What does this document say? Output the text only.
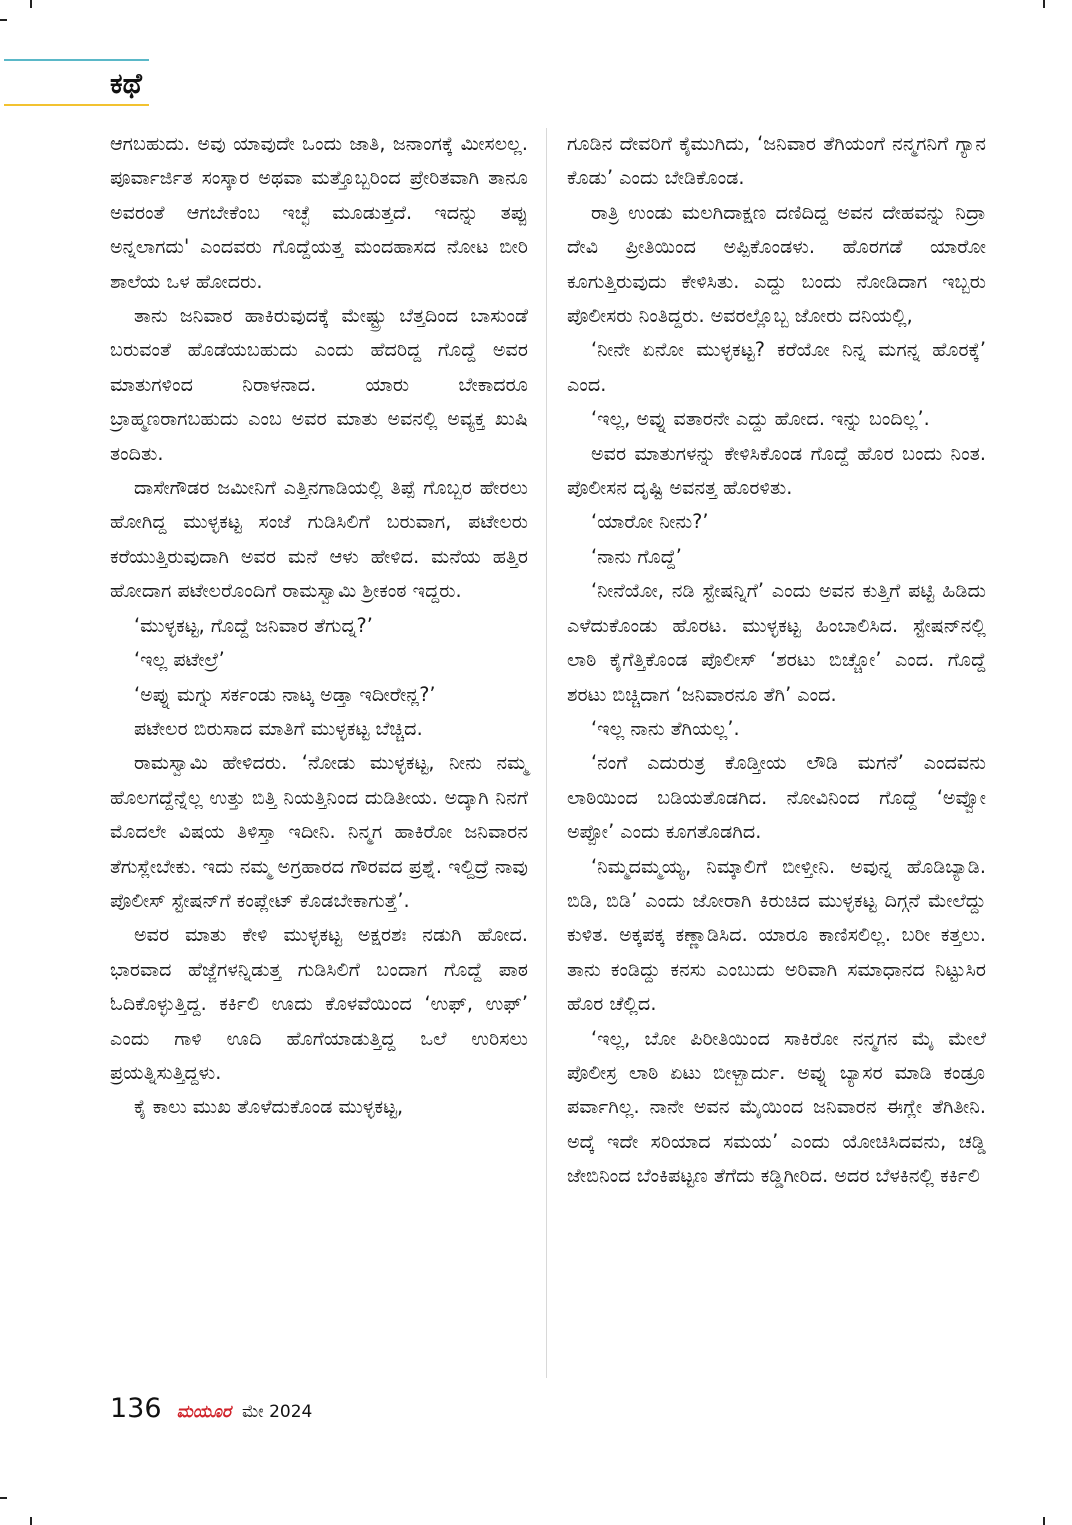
ಕಥೆ

ಆಗಬಹುದು. ಅವು ಯಾವುದೇ ಒಂದು ಜಾತಿ, ಜನಾಂಗಕ್ಕೆ ಮೀಸಲಲ್ಲ. ಪೂರ್ವಾರ್ಜಿತ ಸಂಸ್ಕಾರ ಅಥವಾ ಮತ್ತೊಬ್ಬರಿಂದ ಪ್ರೇರಿತವಾಗಿ ತಾನೂ ಅವರಂತೆ ಆಗಬೇಕೆಂಬ ಇಚ್ಛೆ ಮೂಡುತ್ತದೆ. ಇದನ್ನು ತಪ್ಪು ಅನ್ನಲಾಗದು' ಎಂದವರು ಗೊದ್ದೆಯತ್ತ ಮಂದಹಾಸದ ನೋಟ ಬೀರಿ ಶಾಲೆಯ ಒಳ ಹೋದರು.

ತಾನು ಜನಿವಾರ ಹಾಕಿರುವುದಕ್ಕೆ ಮೇಷ್ಟ್ರು ಬೆತ್ತದಿಂದ ಬಾಸುಂಡೆ ಬರುವಂತೆ ಹೊಡೆಯಬಹುದು ಎಂದು ಹೆದರಿದ್ದ ಗೊದ್ದೆ ಅವರ ಮಾತುಗಳಿಂದ ನಿರಾಳನಾದ. ಯಾರು ಬೇಕಾದರೂ ಬ್ರಾಹ್ಮಣರಾಗಬಹುದು ಎಂಬ ಅವರ ಮಾತು ಅವನಲ್ಲಿ ಅವ್ಯಕ್ತ ಖುಷಿ ತಂದಿತು.

ದಾಸೇಗೌಡರ ಜಮೀನಿಗೆ ಎತ್ತಿನಗಾಡಿಯಲ್ಲಿ ತಿಪ್ಪೆ ಗೊಬ್ಬರ ಹೇರಲು ಹೋಗಿದ್ದ ಮುಳ್ಳಕಟ್ಟ ಸಂಜೆ ಗುಡಿಸಿಲಿಗೆ ಬರುವಾಗ, ಪಟೇಲರು ಕರೆಯುತ್ತಿರುವುದಾಗಿ ಅವರ ಮನೆ ಆಳು ಹೇಳಿದ. ಮನೆಯ ಹತ್ತಿರ ಹೋದಾಗ ಪಟೇಲರೊಂದಿಗೆ ರಾಮಸ್ವಾಮಿ ಶ್ರೀಕಂಠ ಇದ್ದರು.

‘ಮುಳ್ಳಕಟ್ಟ, ಗೊದ್ದೆ ಜನಿವಾರ ತೆಗುದ್ನ?’

‘ಇಲ್ಲ ಪಟೇಲ್ರೆ’

‘ಅಪ್ನು ಮಗ್ನು ಸರ್ಕಂಡು ನಾಟ್ಕ ಅಡ್ತಾ ಇದೀರೇನ್ಲ?’

ಪಟೇಲರ ಬಿರುಸಾದ ಮಾತಿಗೆ ಮುಳ್ಳಕಟ್ಟ ಬೆಚ್ಚಿದ.

ರಾಮಸ್ವಾಮಿ ಹೇಳಿದರು. ‘ನೋಡು ಮುಳ್ಳಕಟ್ಟ, ನೀನು ನಮ್ಮ ಹೊಲಗದ್ದೆನ್ನೆಲ್ಲ ಉತ್ತು ಬಿತ್ತಿ ನಿಯತ್ತಿನಿಂದ ದುಡಿತೀಯ. ಅದ್ಕಾಗಿ ನಿನಗೆ ಮೊದಲೇ ವಿಷಯ ತಿಳಿಸ್ತಾ ಇದೀನಿ. ನಿನ್ಮಗ ಹಾಕಿರೋ ಜನಿವಾರನ ತೆಗುಸ್ಲೇಬೇಕು. ಇದು ನಮ್ಮ ಅಗ್ರಹಾರದ ಗೌರವದ ಪ್ರಶ್ನೆ. ಇಲ್ದಿದ್ರೆ ನಾವು ಪೊಲೀಸ್ ಸ್ಟೇಷನ್‌ಗೆ ಕಂಪ್ಲೇಟ್ ಕೊಡಬೇಕಾಗುತ್ತೆ’.

ಅವರ ಮಾತು ಕೇಳಿ ಮುಳ್ಳಕಟ್ಟ ಅಕ್ಷರಶಃ ನಡುಗಿ ಹೋದ. ಭಾರವಾದ ಹೆಜ್ಜೆಗಳನ್ನಿಡುತ್ತ ಗುಡಿಸಿಲಿಗೆ ಬಂದಾಗ ಗೊದ್ದೆ ಪಾಠ ಓದಿಕೊಳ್ಳುತ್ತಿದ್ದ. ಕರ್ಕಿಲಿ ಊದು ಕೊಳವೆಯಿಂದ ‘ಉಫ್, ಉಫ್’ ಎಂದು ಗಾಳಿ ಊದಿ ಹೊಗೆಯಾಡುತ್ತಿದ್ದ ಒಲೆ ಉರಿಸಲು ಪ್ರಯತ್ನಿಸುತ್ತಿದ್ದಳು.

ಕೈ ಕಾಲು ಮುಖ ತೊಳೆದುಕೊಂಡ ಮುಳ್ಳಕಟ್ಟ,

ಗೂಡಿನ ದೇವರಿಗೆ ಕೈಮುಗಿದು, ‘ಜನಿವಾರ ತೆಗಿಯಂಗೆ ನನ್ಮಗನಿಗೆ ಗ್ಯಾನ ಕೊಡು’ ಎಂದು ಬೇಡಿಕೊಂಡ.

ರಾತ್ರಿ ಉಂಡು ಮಲಗಿದಾಕ್ಷಣ ದಣಿದಿದ್ದ ಅವನ ದೇಹವನ್ನು ನಿದ್ರಾ ದೇವಿ ಪ್ರೀತಿಯಿಂದ ಅಪ್ಪಿಕೊಂಡಳು. ಹೊರಗಡೆ ಯಾರೋ ಕೂಗುತ್ತಿರುವುದು ಕೇಳಿಸಿತು. ಎದ್ದು ಬಂದು ನೋಡಿದಾಗ ಇಬ್ಬರು ಪೊಲೀಸರು ನಿಂತಿದ್ದರು. ಅವರಲ್ಲೊಬ್ಬ ಜೋರು ದನಿಯಲ್ಲಿ,

‘ನೀನೇ ಏನೋ ಮುಳ್ಳಕಟ್ಟ? ಕರೆಯೋ ನಿನ್ನ ಮಗನ್ನ ಹೊರಕ್ಕೆ’ ಎಂದ.

‘ಇಲ್ಲ, ಅವ್ನು ವತಾರನೇ ಎದ್ದು ಹೋದ. ಇನ್ನು ಬಂದಿಲ್ಲ’.

ಅವರ ಮಾತುಗಳನ್ನು ಕೇಳಿಸಿಕೊಂಡ ಗೊದ್ದೆ ಹೊರ ಬಂದು ನಿಂತ. ಪೊಲೀಸನ ದೃಷ್ಟಿ ಅವನತ್ತ ಹೊರಳಿತು.

‘ಯಾರೋ ನೀನು?’

‘ನಾನು ಗೊದ್ದೆ’

‘ನೀನೆಯೋ, ನಡಿ ಸ್ಟೇಷನ್ನಿಗೆ’ ಎಂದು ಅವನ ಕುತ್ತಿಗೆ ಪಟ್ಟಿ ಹಿಡಿದು ಎಳೆದುಕೊಂಡು ಹೊರಟ. ಮುಳ್ಳಕಟ್ಟ ಹಿಂಬಾಲಿಸಿದ. ಸ್ಟೇಷನ್‌ನಲ್ಲಿ ಲಾಠಿ ಕೈಗೆತ್ತಿಕೊಂಡ ಪೊಲೀಸ್ ‘ಶರಟು ಬಿಚ್ಚೋ’ ಎಂದ. ಗೊದ್ದೆ ಶರಟು ಬಿಚ್ಚಿದಾಗ ‘ಜನಿವಾರನೂ ತೆಗಿ’ ಎಂದ.

‘ಇಲ್ಲ ನಾನು ತೆಗಿಯಲ್ಲ’.

‘ನಂಗೆ ಎದುರುತ್ರ ಕೊಡ್ತೀಯ ಲೌಡಿ ಮಗನೆ’ ಎಂದವನು ಲಾಠಿಯಿಂದ ಬಡಿಯತೊಡಗಿದ. ನೋವಿನಿಂದ ಗೊದ್ದೆ ‘ಅವ್ವೋ ಅಪ್ಪೋ’ ಎಂದು ಕೂಗತೊಡಗಿದ.

‘ನಿಮ್ಮದಮ್ಮಯ್ಯ, ನಿಮ್ಕಾಲಿಗೆ ಬೀಳ್ತೀನಿ. ಅವುನ್ನ ಹೊಡಿಬ್ಯಾಡಿ. ಬಿಡಿ, ಬಿಡಿ’ ಎಂದು ಜೋರಾಗಿ ಕಿರುಚಿದ ಮುಳ್ಳಕಟ್ಟ ದಿಗ್ಗನೆ ಮೇಲೆದ್ದು ಕುಳಿತ. ಅಕ್ಕಪಕ್ಕ ಕಣ್ಣಾಡಿಸಿದ. ಯಾರೂ ಕಾಣಿಸಲಿಲ್ಲ. ಬರೀ ಕತ್ತಲು. ತಾನು ಕಂಡಿದ್ದು ಕನಸು ಎಂಬುದು ಅರಿವಾಗಿ ಸಮಾಧಾನದ ನಿಟ್ಟುಸಿರ ಹೊರ ಚೆಲ್ಲಿದ.

‘ಇಲ್ಲ, ಬೋ ಪಿರೀತಿಯಿಂದ ಸಾಕಿರೋ ನನ್ಮಗನ ಮೈ ಮೇಲೆ ಪೊಲೀಸ್ರ ಲಾಠಿ ಏಟು ಬೀಳ್ಬಾರ್ದು. ಅವ್ನು ಬ್ಯಾಸರ ಮಾಡಿ ಕಂಡ್ರೂ ಪರ್ವಾಗಿಲ್ಲ. ನಾನೇ ಅವನ ಮೈಯಿಂದ ಜನಿವಾರನ ಈಗ್ಲೇ ತೆಗಿತೀನಿ. ಅದ್ಕೆ ಇದೇ ಸರಿಯಾದ ಸಮಯ’ ಎಂದು ಯೋಚಿಸಿದವನು, ಚಡ್ಡಿ ಜೇಬಿನಿಂದ ಬೆಂಕಿಪಟ್ಟಣ ತೆಗೆದು ಕಡ್ಡಿಗೀರಿದ. ಅದರ ಬೆಳಕಿನಲ್ಲಿ ಕರ್ಕಿಲಿ

136 ಮಯೂರ ಮೇ 2024
